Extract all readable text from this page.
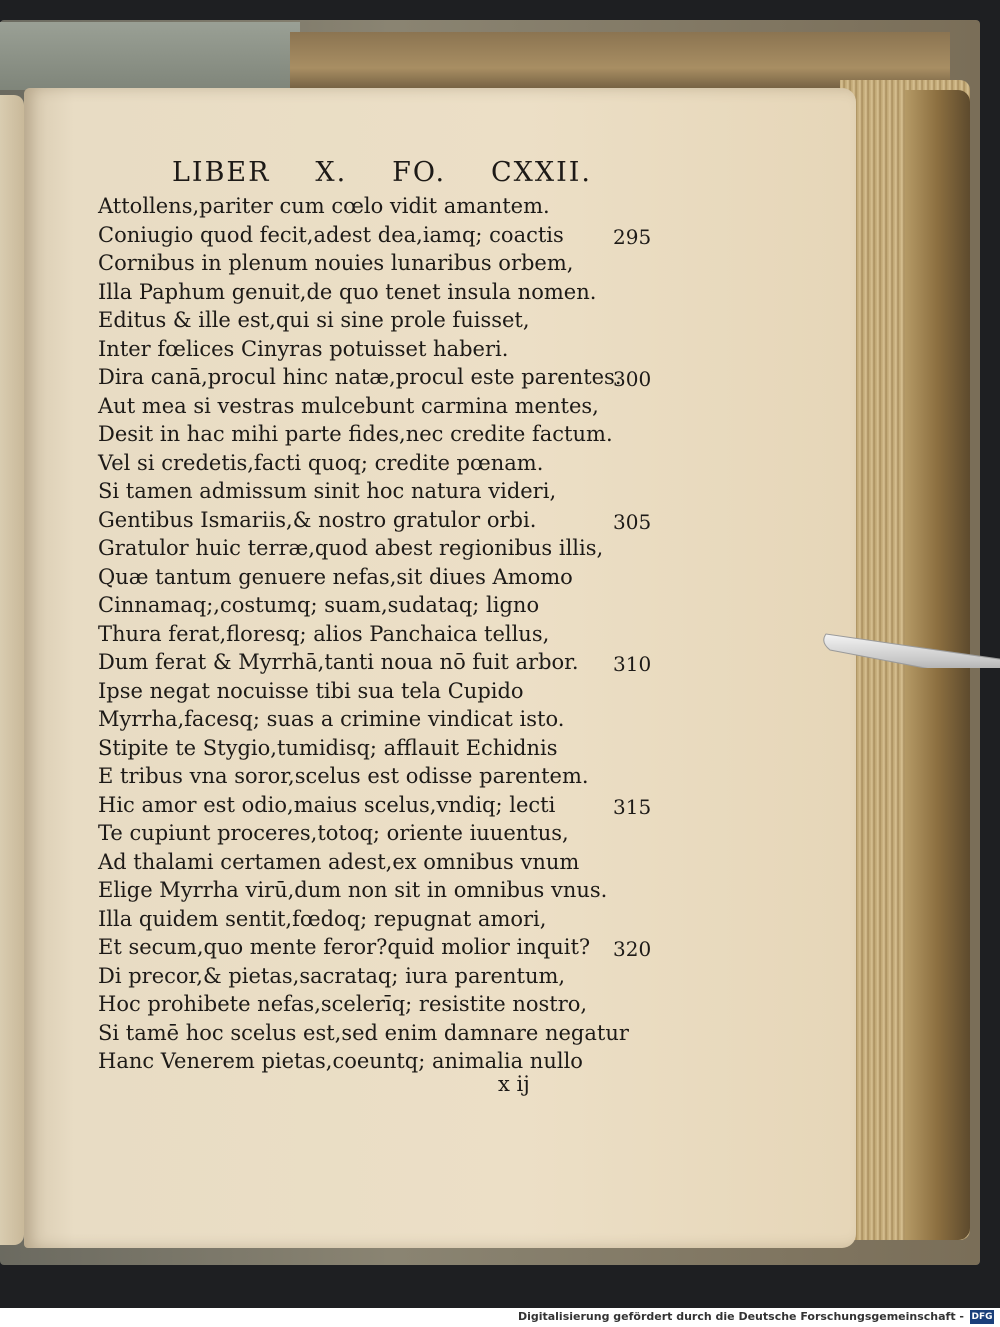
LIBER X. FO. CXXII.
Attollens,pariter cum cœlo vidit amantem.
Coniugio quod fecit,adest dea,iamq; coactis 295
Cornibus in plenum nouies lunaribus orbem,
Illa Paphum genuit,de quo tenet insula nomen.
Editus & ille est,qui si sine prole fuisset,
Inter fœlices Cinyras potuisset haberi.
Dira canā,procul hinc natæ,procul este parentes.
300
Aut mea si vestras mulcebunt carmina mentes,
Desit in hac mihi parte fides,nec credite factum.
Vel si credetis,facti quoq; credite pœnam.
Si tamen admissum sinit hoc natura videri,
Gentibus Ismariis,& nostro gratulor orbi.	305
Gratulor huic terræ,quod abest regionibus illis,
Quæ tantum genuere nefas,sit diues Amomo
Cinnamaq;,costumq; suam,sudataq; ligno
Thura ferat,floresq; alios Panchaica tellus,
Dum ferat & Myrrhā,tanti noua nō fuit arbor. 310
Ipse negat nocuisse tibi sua tela Cupido
Myrrha,facesq; suas a crimine vindicat isto.
Stipite te Stygio,tumidisq; afflauit Echidnis
E tribus vna soror,scelus est odisse parentem.
Hic amor est odio,maius scelus,vndiq; lecti	315
Te cupiunt proceres,totoq; oriente iuuentus,
Ad thalami certamen adest,ex omnibus vnum
Elige Myrrha virū,dum non sit in omnibus vnus.
Illa quidem sentit,fœdoq; repugnat amori,
Et secum,quo mente feror?quid molior inquit? 320
Di precor,& pietas,sacrataq; iura parentum,
Hoc prohibete nefas,scelerīq; resistite nostro,
Si tamē hoc scelus est,sed enim damnare negatur
Hanc Venerem pietas,coeuntq; animalia nullo
x ij
Digitalisierung gefördert durch die Deutsche Forschungsgemeinschaft - DFG
